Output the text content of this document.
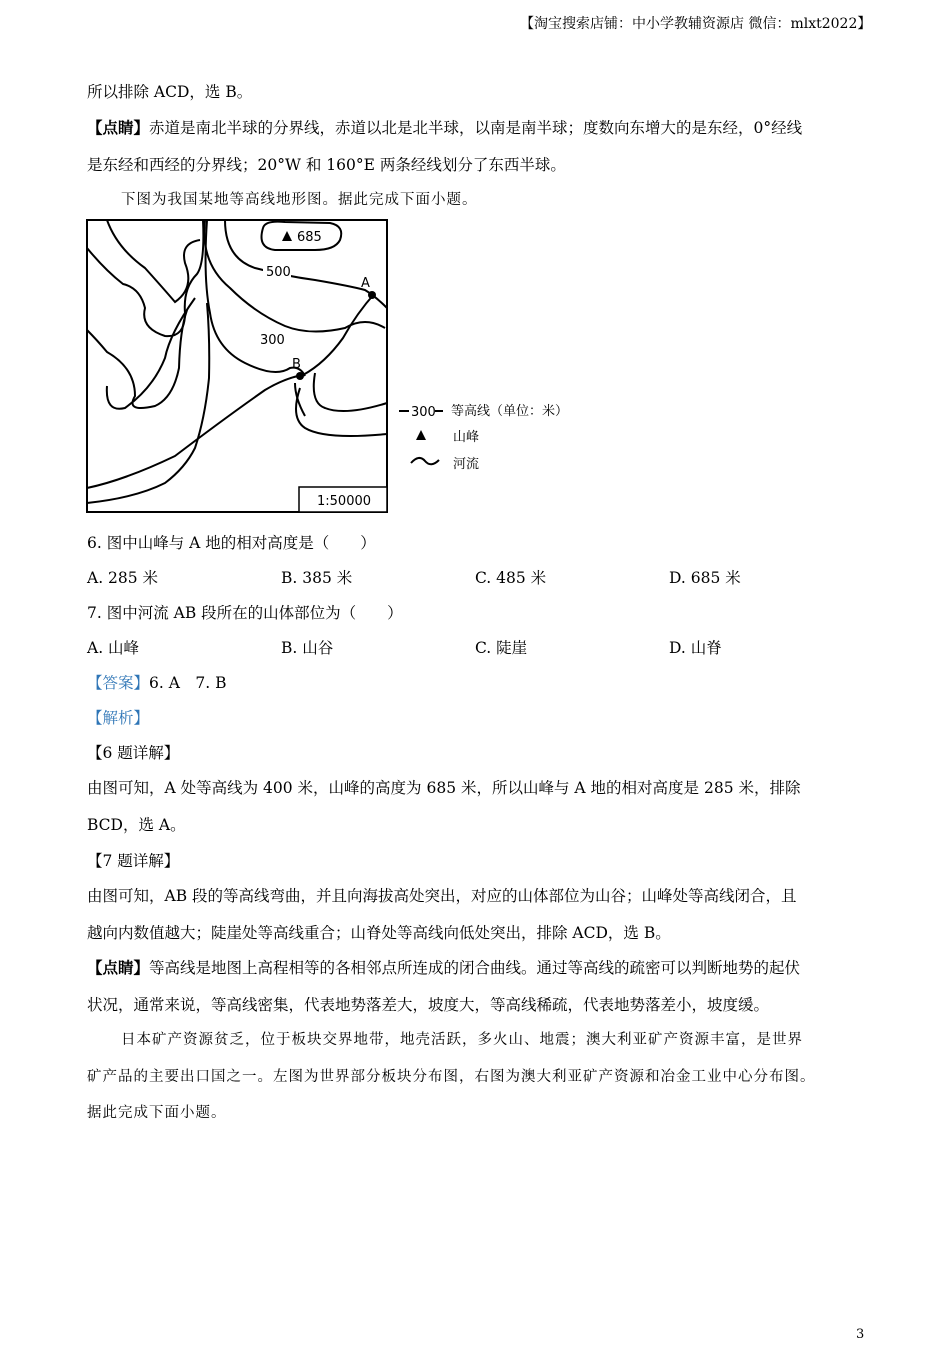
【淘宝搜索店铺：中小学教辅资源店 微信：mlxt2022】
所以排除 ACD，选 B。
【点睛】赤道是南北半球的分界线，赤道以北是北半球，以南是南半球；度数向东增大的是东经，0°经线
是东经和西经的分界线；20°W 和 160°E 两条经线划分了东西半球。
下图为我国某地等高线地形图。据此完成下面小题。
685
500
300
A
B
1:50000
300 等高线（单位：米）
山峰
河流
6. 图中山峰与 A 地的相对高度是（　　）
A. 285 米	B. 385 米	C. 485 米	D. 685 米
7. 图中河流 AB 段所在的山体部位为（　　）
A. 山峰	B. 山谷	C. 陡崖	D. 山脊
【答案】6. A　7. B
【解析】
【6 题详解】
由图可知，A 处等高线为 400 米，山峰的高度为 685 米，所以山峰与 A 地的相对高度是 285 米，排除
BCD，选 A。
【7 题详解】
由图可知，AB 段的等高线弯曲，并且向海拔高处突出，对应的山体部位为山谷；山峰处等高线闭合，且
越向内数值越大；陡崖处等高线重合；山脊处等高线向低处突出，排除 ACD，选 B。
【点睛】等高线是地图上高程相等的各相邻点所连成的闭合曲线。通过等高线的疏密可以判断地势的起伏
状况，通常来说，等高线密集，代表地势落差大，坡度大，等高线稀疏，代表地势落差小，坡度缓。
日本矿产资源贫乏，位于板块交界地带，地壳活跃，多火山、地震；澳大利亚矿产资源丰富，是世界
矿产品的主要出口国之一。左图为世界部分板块分布图，右图为澳大利亚矿产资源和冶金工业中心分布图。
据此完成下面小题。
3
